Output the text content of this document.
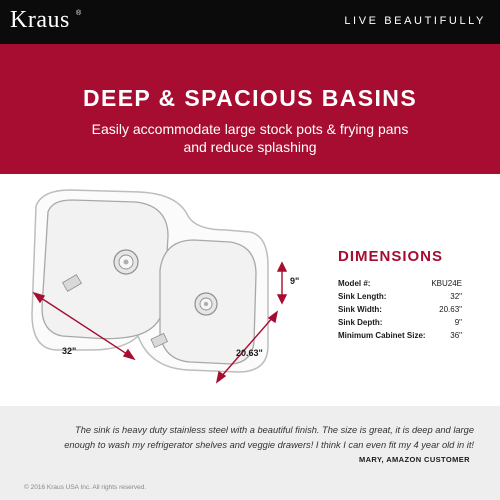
Kraus ®
LIVE BEAUTIFULLY
DEEP & SPACIOUS BASINS
Easily accommodate large stock pots & frying pans
and reduce splashing
32"	20.63"
9"
DIMENSIONS
Model #:	KBU24E
Sink Length:	32"
Sink Width:	20.63"
Sink Depth:	9"
Minimum Cabinet Size:	36"
The sink is heavy duty stainless steel with a beautiful finish. The size is great, it is deep and large
enough to wash my refrigerator shelves and veggie drawers! I think I can even fit my 4 year old in it!
MARY, AMAZON CUSTOMER
© 2016 Kraus USA Inc. All rights reserved.
